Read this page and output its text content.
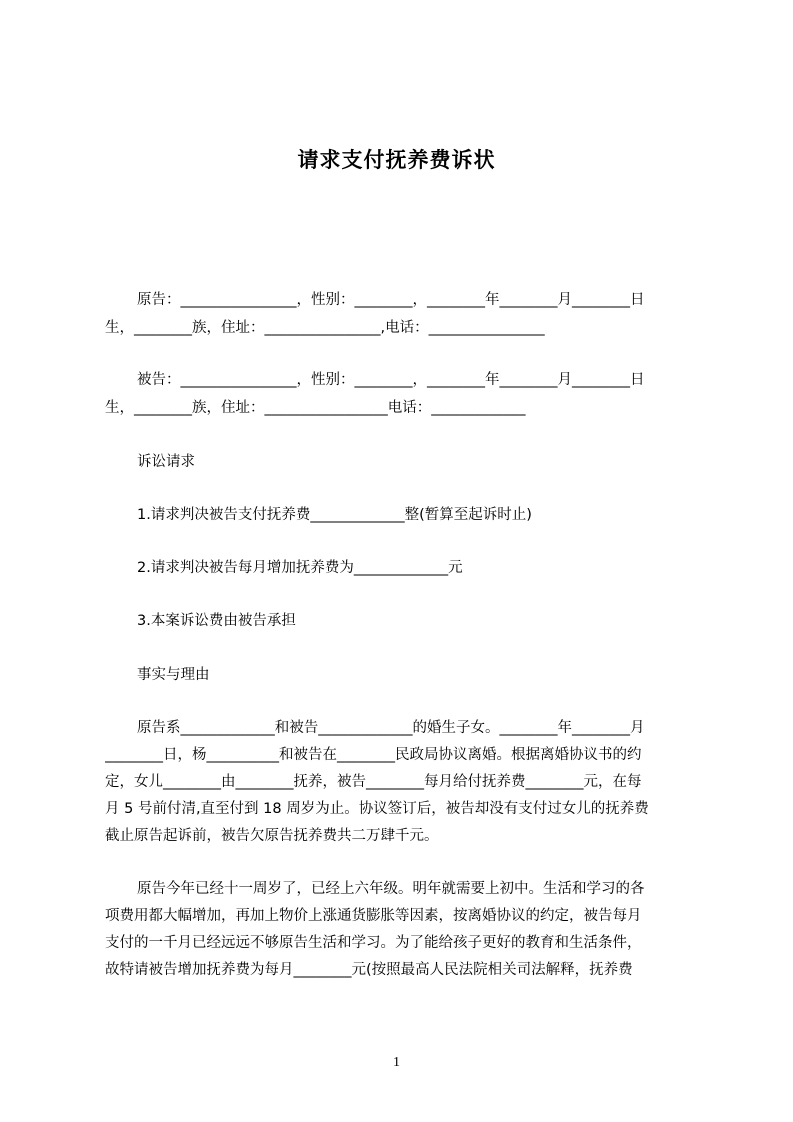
请求支付抚养费诉状
原告：________________，性别：________，________年________月________日
生，________族，住址：________________,电话：________________
被告：________________，性别：________，________年________月________日
生，________族，住址：_________________电话：_____________
诉讼请求
1.请求判决被告支付抚养费_____________整(暂算至起诉时止)
2.请求判决被告每月增加抚养费为_____________元
3.本案诉讼费由被告承担
事实与理由
原告系_____________和被告_____________的婚生子女。________年________月
________日，杨__________和被告在________民政局协议离婚。根据离婚协议书的约
定，女儿________由________抚养，被告________每月给付抚养费________元，在每
月 5 号前付清,直至付到 18 周岁为止。协议签订后，被告却没有支付过女儿的抚养费
截止原告起诉前，被告欠原告抚养费共二万肆千元。
原告今年已经十一周岁了，已经上六年级。明年就需要上初中。生活和学习的各
项费用都大幅增加，再加上物价上涨通货膨胀等因素，按离婚协议的约定，被告每月
支付的一千月已经远远不够原告生活和学习。为了能给孩子更好的教育和生活条件，
故特请被告增加抚养费为每月________元(按照最高人民法院相关司法解释，抚养费
1
